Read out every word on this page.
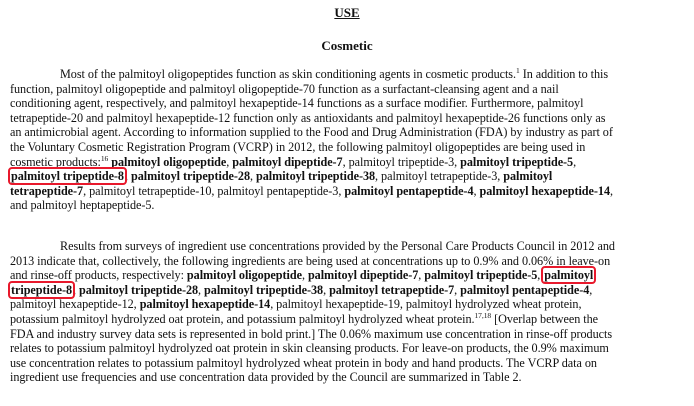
USE
Cosmetic
Most of the palmitoyl oligopeptides function as skin conditioning agents in cosmetic products.$^1$ In addition to this
function, palmitoyl oligopeptide and palmitoyl oligopeptide-70 function as a surfactant-cleansing agent and a nail
conditioning agent, respectively, and palmitoyl hexapeptide-14 functions as a surface modifier. Furthermore, palmitoyl
tetrapeptide-20 and palmitoyl hexapeptide-12 function only as antioxidants and palmitoyl hexapeptide-26 functions only as
an antimicrobial agent. According to information supplied to the Food and Drug Administration (FDA) by industry as part of
the Voluntary Cosmetic Registration Program (VCRP) in 2012, the following palmitoyl oligopeptides are being used in
cosmetic products:$^{16}$ palmitoyl oligopeptide, palmitoyl dipeptide-7, palmitoyl tripeptide-3, palmitoyl tripeptide-5,
palmitoyl tripeptide-8, palmitoyl tripeptide-28, palmitoyl tripeptide-38, palmitoyl tetrapeptide-3, palmitoyl
tetrapeptide-7, palmitoyl tetrapeptide-10, palmitoyl pentapeptide-3, palmitoyl pentapeptide-4, palmitoyl hexapeptide-14,
and palmitoyl heptapeptide-5.
Results from surveys of ingredient use concentrations provided by the Personal Care Products Council in 2012 and
2013 indicate that, collectively, the following ingredients are being used at concentrations up to 0.9% and 0.06% in leave-on
and rinse-off products, respectively: palmitoyl oligopeptide, palmitoyl dipeptide-7, palmitoyl tripeptide-5, palmitoyl
tripeptide-8, palmitoyl tripeptide-28, palmitoyl tripeptide-38, palmitoyl tetrapeptide-7, palmitoyl pentapeptide-4,
palmitoyl hexapeptide-12, palmitoyl hexapeptide-14, palmitoyl hexapeptide-19, palmitoyl hydrolyzed wheat protein,
potassium palmitoyl hydrolyzed oat protein, and potassium palmitoyl hydrolyzed wheat protein.$^{17,18}$ [Overlap between the
FDA and industry survey data sets is represented in bold print.] The 0.06% maximum use concentration in rinse-off products
relates to potassium palmitoyl hydrolyzed oat protein in skin cleansing products. For leave-on products, the 0.9% maximum
use concentration relates to potassium palmitoyl hydrolyzed wheat protein in body and hand products. The VCRP data on
ingredient use frequencies and use concentration data provided by the Council are summarized in Table 2.
